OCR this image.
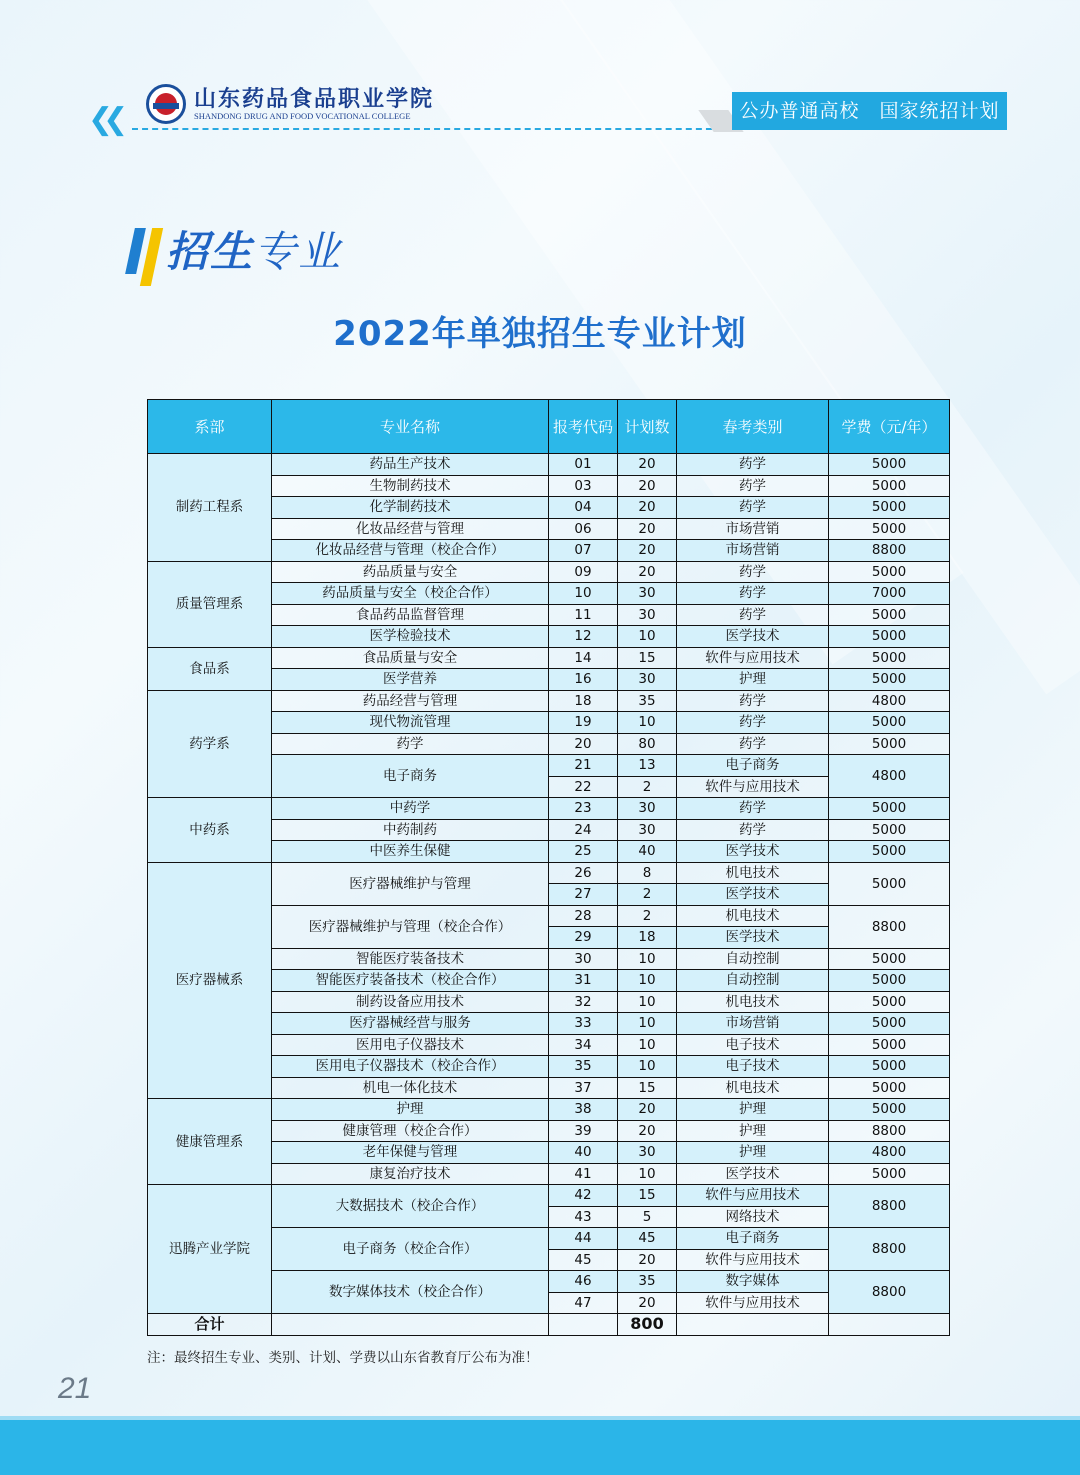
山东药品食品职业学院
SHANDONG DRUG AND FOOD VOCATIONAL COLLEGE
❮❮	公办普通高校　国家统招计划
招生专业
2022年单独招生专业计划
系部	专业名称	报考代码	计划数	春考类别	学费（元/年）
制药工程系	药品生产技术	01	20	药学	5000
	生物制药技术	03	20	药学	5000
	化学制药技术	04	20	药学	5000
	化妆品经营与管理	06	20	市场营销	5000
	化妆品经营与管理（校企合作）	07	20	市场营销	8800
质量管理系	药品质量与安全	09	20	药学	5000
	药品质量与安全（校企合作）	10	30	药学	7000
	食品药品监督管理	11	30	药学	5000
	医学检验技术	12	10	医学技术	5000
食品系	食品质量与安全	14	15	软件与应用技术	5000
	医学营养	16	30	护理	5000
药学系	药品经营与管理	18	35	药学	4800
	现代物流管理	19	10	药学	5000
	药学	20	80	药学	5000
	电子商务	21	13	电子商务	4800
		22	2	软件与应用技术	
中药系	中药学	23	30	药学	5000
	中药制药	24	30	药学	5000
	中医养生保健	25	40	医学技术	5000
医疗器械系	医疗器械维护与管理	26	8	机电技术	5000
		27	2	医学技术	
	医疗器械维护与管理（校企合作）	28	2	机电技术	8800
		29	18	医学技术	
	智能医疗装备技术	30	10	自动控制	5000
	智能医疗装备技术（校企合作）	31	10	自动控制	5000
	制药设备应用技术	32	10	机电技术	5000
	医疗器械经营与服务	33	10	市场营销	5000
	医用电子仪器技术	34	10	电子技术	5000
	医用电子仪器技术（校企合作）	35	10	电子技术	5000
	机电一体化技术	37	15	机电技术	5000
健康管理系	护理	38	20	护理	5000
	健康管理（校企合作）	39	20	护理	8800
	老年保健与管理	40	30	护理	4800
	康复治疗技术	41	10	医学技术	5000
迅腾产业学院	大数据技术（校企合作）	42	15	软件与应用技术	8800
		43	5	网络技术	
	电子商务（校企合作）	44	45	电子商务	8800
		45	20	软件与应用技术	
	数字媒体技术（校企合作）	46	35	数字媒体	8800
		47	20	软件与应用技术	
合计			800		
注：最终招生专业、类别、计划、学费以山东省教育厅公布为准！
21
